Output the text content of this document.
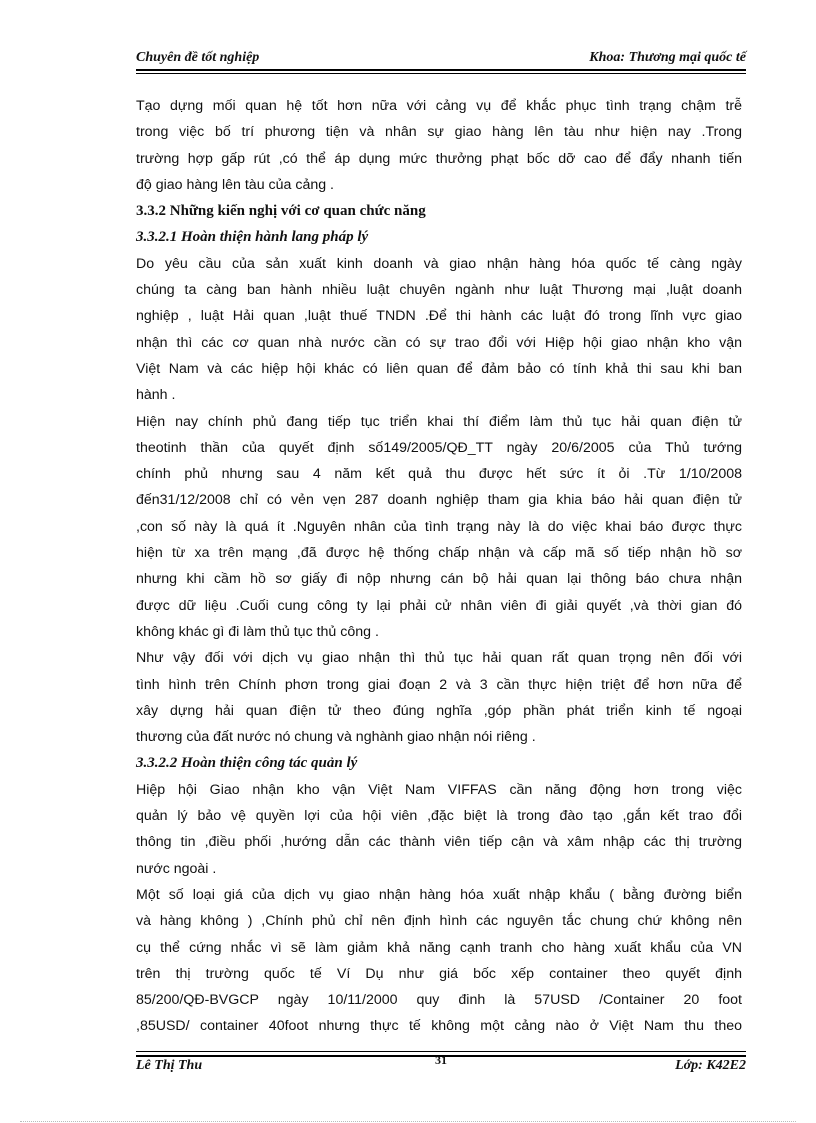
Chuyên đề tốt nghiệp	Khoa: Thương mại quốc tế

Tạo dựng mối quan hệ tốt hơn nữa với cảng vụ để khắc phục tình trạng chậm trễ

trong việc bố trí phương tiện và nhân sự giao hàng lên tàu như hiện nay .Trong

trường hợp gấp rút ,có thể áp dụng mức thưởng phạt bốc dỡ cao để đẩy nhanh tiến

độ giao hàng lên tàu của cảng .

3.3.2 Những kiến nghị với cơ quan chức năng

3.3.2.1 Hoàn thiện hành lang pháp lý

Do yêu cầu của sản xuất kinh doanh và giao nhận hàng hóa quốc tế càng ngày

chúng ta càng ban hành nhiều luật chuyên ngành như luật Thương mại ,luật doanh

nghiệp , luật Hải quan ,luật thuế TNDN .Để thi hành các luật đó trong lĩnh vực giao

nhận thì các cơ quan nhà nước cần có sự trao đổi với Hiệp hội giao nhận kho vận

Việt Nam và các hiệp hội khác có liên quan để đảm bảo có tính khả thi sau khi ban

hành .

Hiện nay chính phủ đang tiếp tục triển khai thí điểm làm thủ tục hải quan điện tử

theotinh thần của quyết định số149/2005/QĐ_TT ngày 20/6/2005 của Thủ tướng

chính phủ nhưng sau 4 năm kết quả thu được hết sức ít ỏi .Từ 1/10/2008

đến31/12/2008 chỉ có vẻn vẹn 287 doanh nghiệp tham gia khia báo hải quan điện tử

,con số này là quá ít .Nguyên nhân của tình trạng này là do việc khai báo được thực

hiện từ xa trên mạng ,đã được hệ thống chấp nhận và cấp mã số tiếp nhận hồ sơ

nhưng khi cầm hồ sơ giấy đi nộp nhưng cán bộ hải quan lại thông báo chưa nhận

được dữ liệu .Cuối cung công ty lại phải cử nhân viên đi giải quyết ,và thời gian đó

không khác gì đi làm thủ tục thủ công .

Như vậy đối với dịch vụ giao nhận thì thủ tục hải quan rất quan trọng nên đối với

tình hình trên Chính phơn trong giai đoạn 2 và 3 cần thực hiện triệt để hơn nữa để

xây dựng hải quan điện tử theo đúng nghĩa ,góp phần phát triển kinh tế ngoại

thương của đất nước nó chung và nghành giao nhận nói riêng .

3.3.2.2 Hoàn thiện công tác quản lý

Hiệp hội Giao nhận kho vận Việt Nam VIFFAS cần năng động hơn trong việc

quản lý bảo vệ quyền lợi của hội viên ,đặc biệt là trong đào tạo ,gắn kết trao đổi

thông tin ,điều phối ,hướng dẫn các thành viên tiếp cận và xâm nhập các thị trường

nước ngoài .

Một số loại giá của dịch vụ giao nhận hàng hóa xuất nhập khẩu ( bằng đường biển

và hàng không ) ,Chính phủ chỉ nên định hình các nguyên tắc chung chứ không nên

cụ thể cứng nhắc vì sẽ làm giảm khả năng cạnh tranh cho hàng xuất khẩu của VN

trên thị trường quốc tế Ví Dụ như giá bốc xếp container theo quyết định

85/200/QĐ-BVGCP ngày 10/11/2000 quy đinh là 57USD /Container 20 foot

,85USD/ container 40foot nhưng thực tế không một cảng nào ở Việt Nam thu theo

Lê Thị Thu	31	Lớp: K42E2
